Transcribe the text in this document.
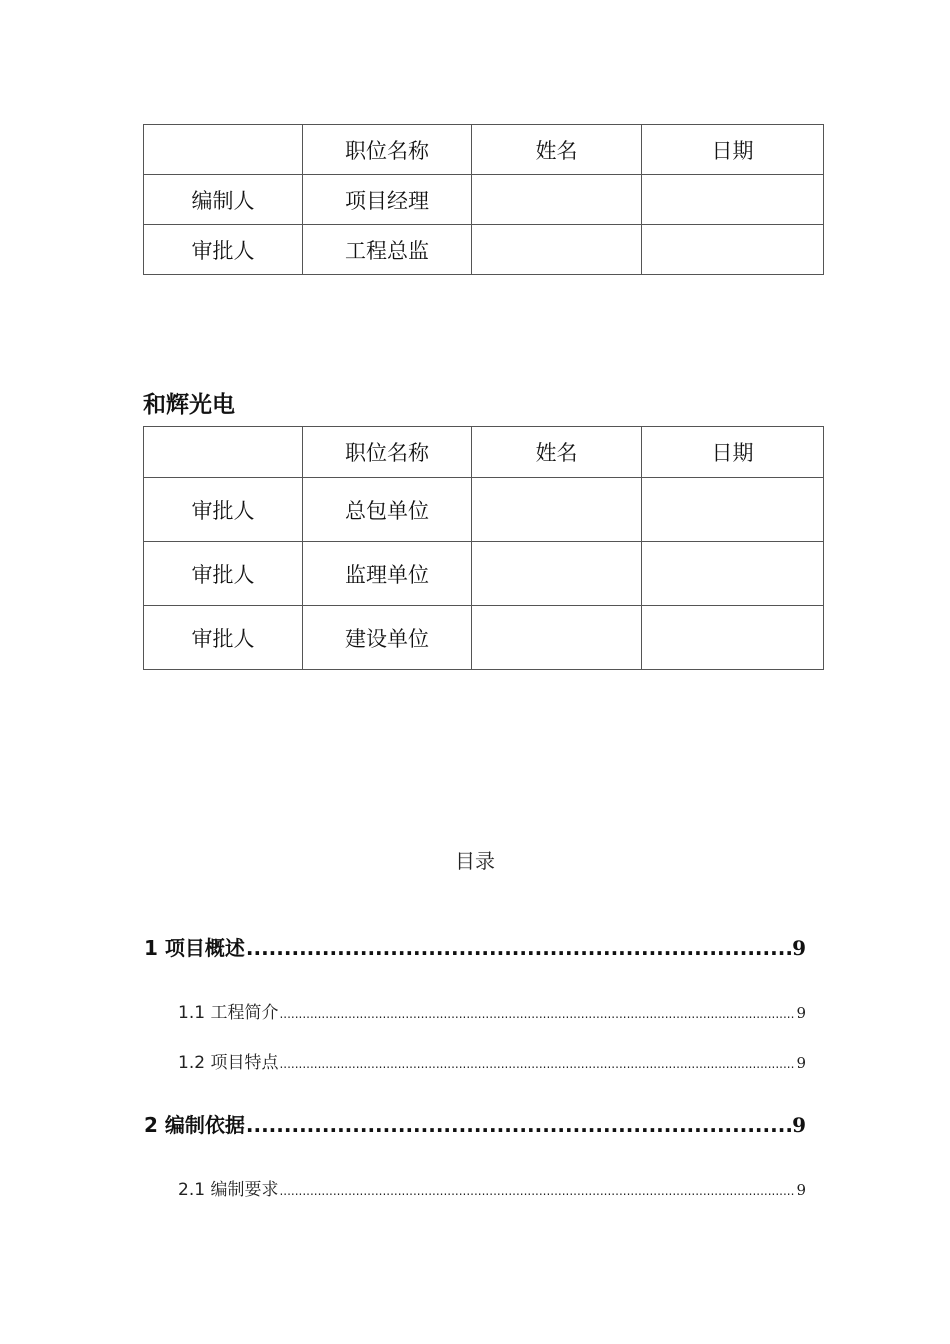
	职位名称	姓名	日期
编制人	项目经理		
审批人	工程总监		
和辉光电
	职位名称	姓名	日期
审批人	总包单位		
审批人	监理单位		
审批人	建设单位		
目录
1 项目概述 .....	9
1.1 工程简介 .....	9
1.2 项目特点 .....	9
2 编制依据 .....	9
2.1 编制要求 .....	9
